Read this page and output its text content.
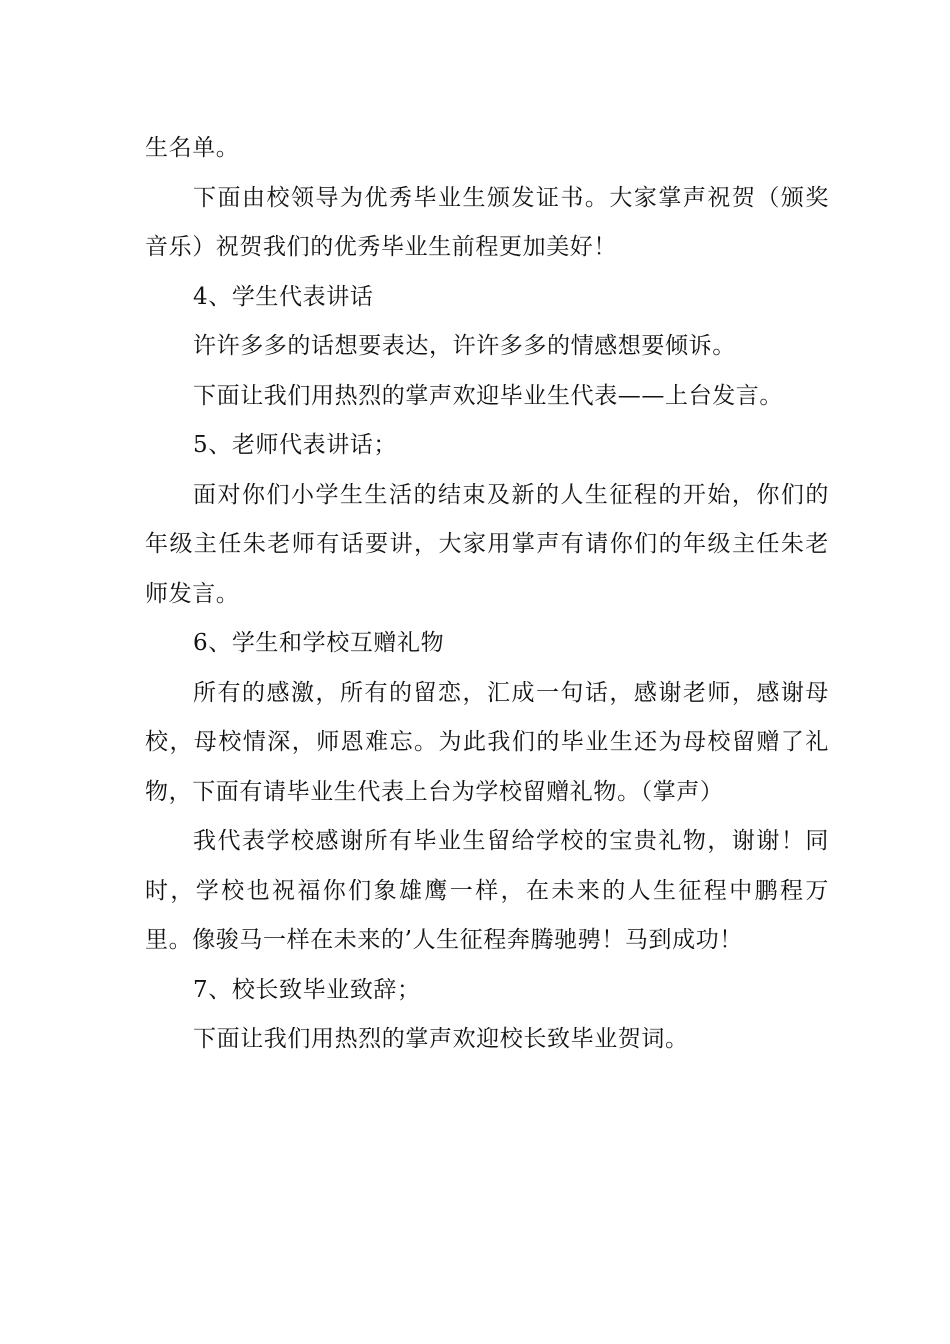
生名单。

下面由校领导为优秀毕业生颁发证书。大家掌声祝贺（颁奖音乐）祝贺我们的优秀毕业生前程更加美好！

4、学生代表讲话

许许多多的话想要表达，许许多多的情感想要倾诉。

下面让我们用热烈的掌声欢迎毕业生代表——上台发言。

5、老师代表讲话；

面对你们小学生生活的结束及新的人生征程的开始，你们的年级主任朱老师有话要讲，大家用掌声有请你们的年级主任朱老师发言。

6、学生和学校互赠礼物

所有的感激，所有的留恋，汇成一句话，感谢老师，感谢母校，母校情深，师恩难忘。为此我们的毕业生还为母校留赠了礼物，下面有请毕业生代表上台为学校留赠礼物。（掌声）

我代表学校感谢所有毕业生留给学校的宝贵礼物，谢谢！同时，学校也祝福你们象雄鹰一样，在未来的人生征程中鹏程万里。像骏马一样在未来的’人生征程奔腾驰骋！马到成功！

7、校长致毕业致辞；

下面让我们用热烈的掌声欢迎校长致毕业贺词。
